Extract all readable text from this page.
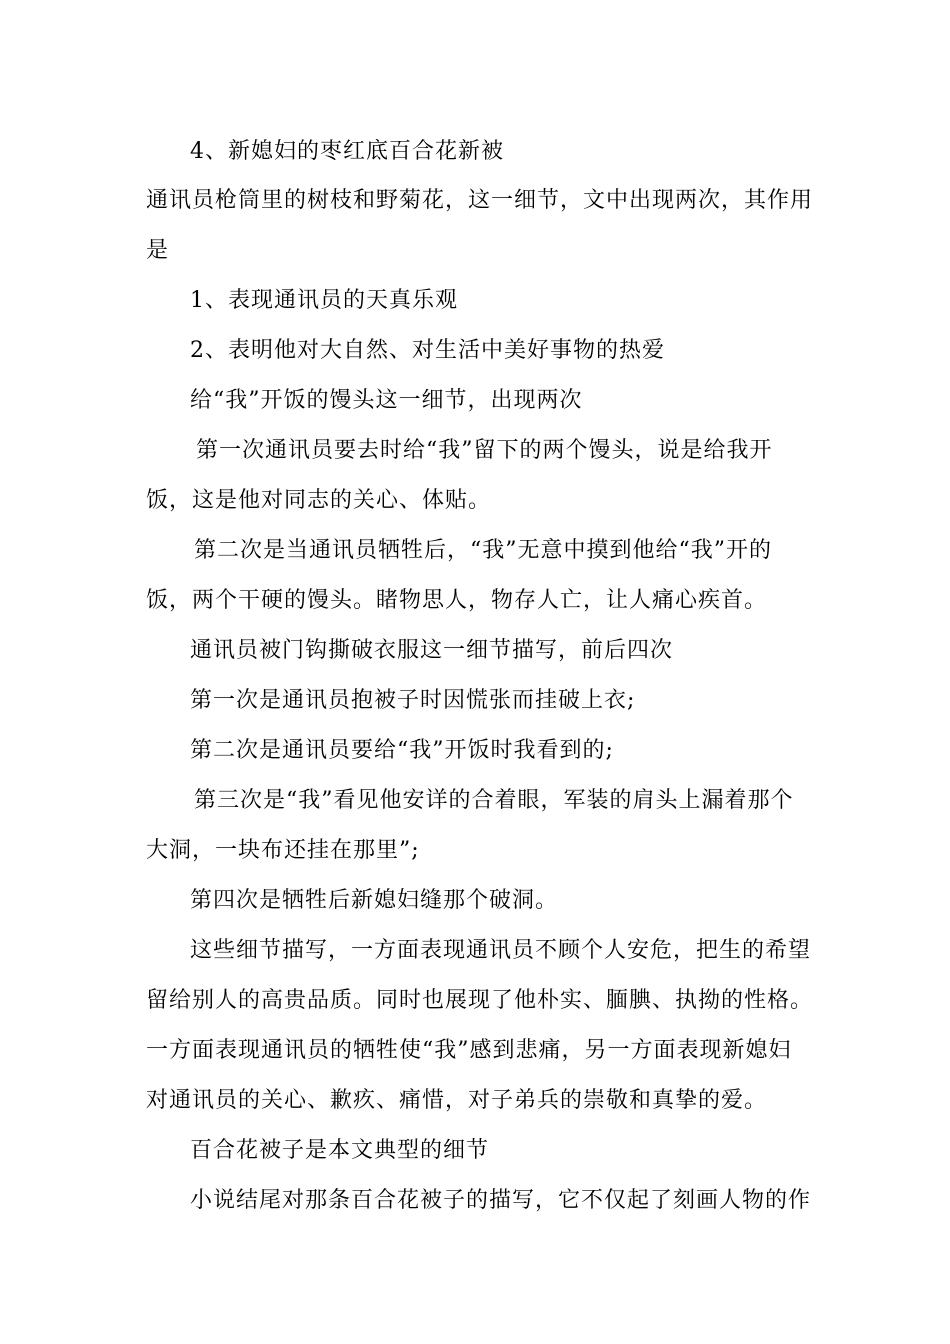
4、新媳妇的枣红底百合花新被
通讯员枪筒里的树枝和野菊花，这一细节，文中出现两次，其作用
是
1、表现通讯员的天真乐观
2、表明他对大自然、对生活中美好事物的热爱
给“我”开饭的馒头这一细节，出现两次
第一次通讯员要去时给“我”留下的两个馒头，说是给我开
饭，这是他对同志的关心、体贴。
第二次是当通讯员牺牲后，“我”无意中摸到他给“我”开的
饭，两个干硬的馒头。睹物思人，物存人亡，让人痛心疾首。
通讯员被门钩撕破衣服这一细节描写，前后四次
第一次是通讯员抱被子时因慌张而挂破上衣;
第二次是通讯员要给“我”开饭时我看到的;
第三次是“我”看见他安详的合着眼，军装的肩头上漏着那个
大洞，一块布还挂在那里”;
第四次是牺牲后新媳妇缝那个破洞。
这些细节描写，一方面表现通讯员不顾个人安危，把生的希望
留给别人的高贵品质。同时也展现了他朴实、腼腆、执拗的性格。
一方面表现通讯员的牺牲使“我”感到悲痛，另一方面表现新媳妇
对通讯员的关心、歉疚、痛惜，对子弟兵的崇敬和真挚的爱。
百合花被子是本文典型的细节
小说结尾对那条百合花被子的描写，它不仅起了刻画人物的作
